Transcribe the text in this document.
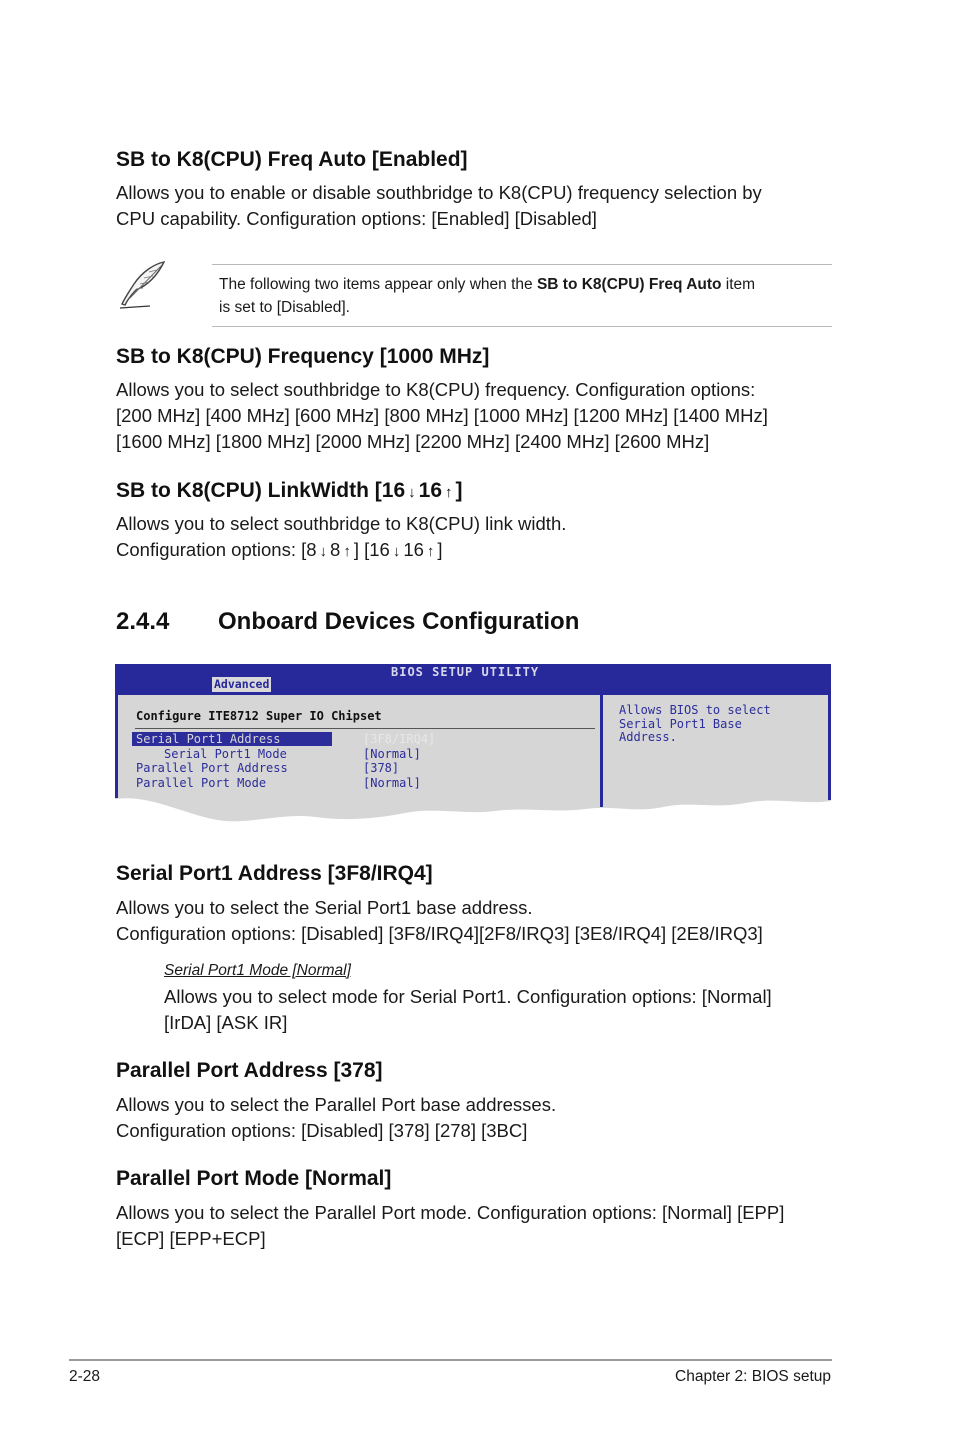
SB to K8(CPU) Freq Auto [Enabled]

Allows you to enable or disable southbridge to K8(CPU) frequency selection by

CPU capability. Configuration options: [Enabled] [Disabled]

The following two items appear only when the SB to K8(CPU) Freq Auto item
is set to [Disabled].
SB to K8(CPU) Frequency [1000 MHz]

Allows you to select southbridge to K8(CPU) frequency. Configuration options:

[200 MHz] [400 MHz] [600 MHz] [800 MHz] [1000 MHz] [1200 MHz] [1400 MHz]

[1600 MHz] [1800 MHz] [2000 MHz] [2200 MHz] [2400 MHz] [2600 MHz]

SB to K8(CPU) LinkWidth [16 ↓ 16 ↑ ]

Allows you to select southbridge to K8(CPU) link width.

Configuration options: [8 ↓ 8 ↑ ] [16 ↓ 16 ↑ ]

2.4.4 Onboard Devices Configuration
BIOS SETUP UTILITY
Advanced
Configure ITE8712 Super IO Chipset
Serial Port1 Address	[3F8/IRQ4]
Serial Port1 Mode	[Normal]
Parallel Port Address	[378]
Parallel Port Mode	[Normal]
Allows BIOS to select
Serial Port1 Base
Address.
Serial Port1 Address [3F8/IRQ4]

Allows you to select the Serial Port1 base address.

Configuration options: [Disabled] [3F8/IRQ4][2F8/IRQ3] [3E8/IRQ4] [2E8/IRQ3]

Serial Port1 Mode [Normal]

Allows you to select mode for Serial Port1. Configuration options: [Normal]

[IrDA] [ASK IR]

Parallel Port Address [378]

Allows you to select the Parallel Port base addresses.

Configuration options: [Disabled] [378] [278] [3BC]

Parallel Port Mode [Normal]

Allows you to select the Parallel Port mode. Configuration options: [Normal] [EPP]

[ECP] [EPP+ECP]

2-28	Chapter 2: BIOS setup
